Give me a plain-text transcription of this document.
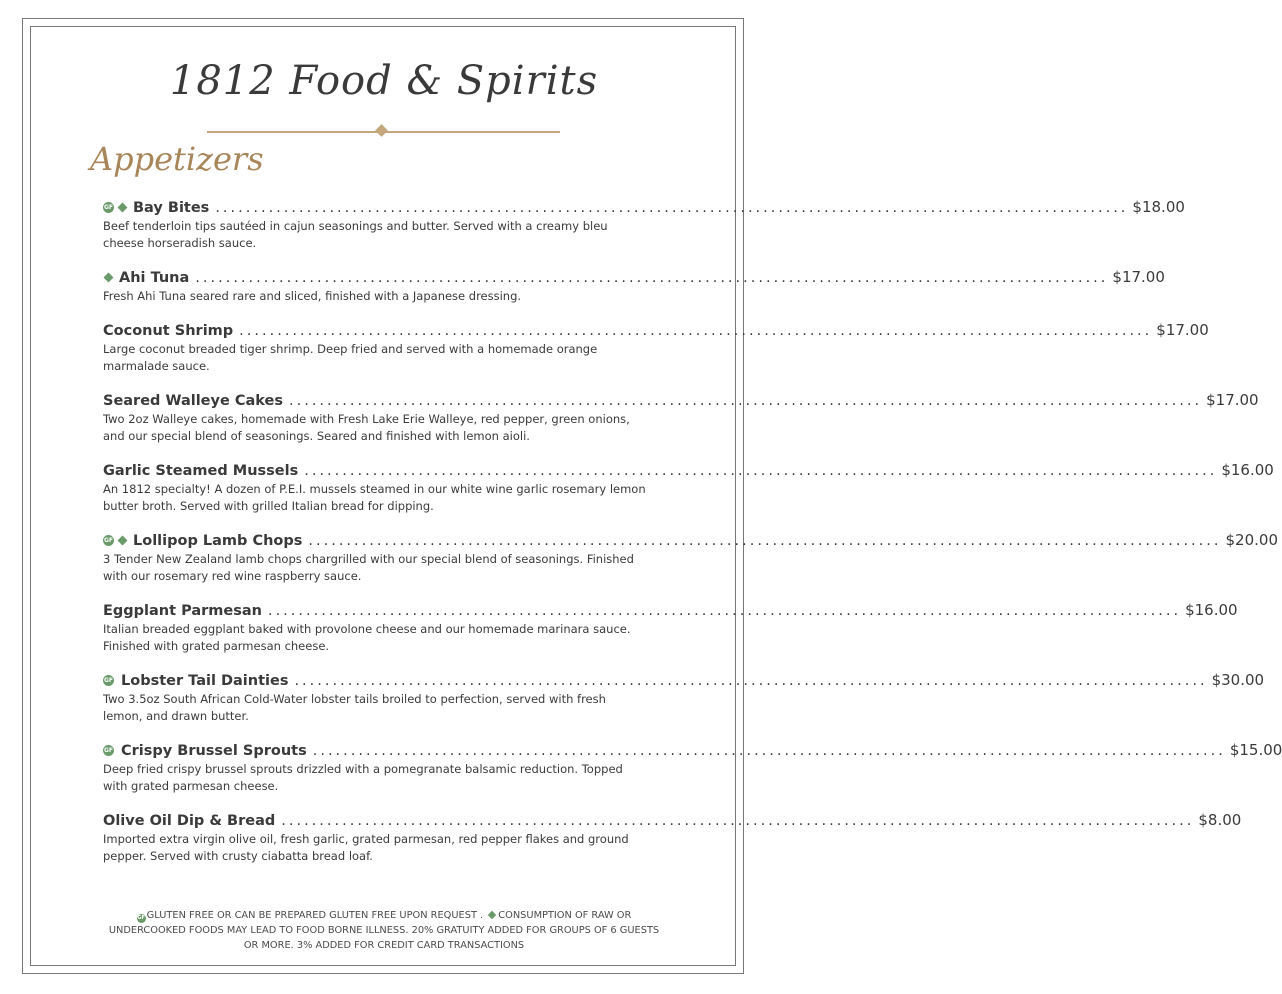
1812 Food & Spirits
Appetizers
GF Bay Bites ........................................................................................................................ $18.00
Beef tenderloin tips sautéed in cajun seasonings and butter. Served with a creamy bleu cheese horseradish sauce.
Ahi Tuna ........................................................................................................................ $17.00
Fresh Ahi Tuna seared rare and sliced, finished with a Japanese dressing.
Coconut Shrimp ........................................................................................................................ $17.00
Large coconut breaded tiger shrimp. Deep fried and served with a homemade orange marmalade sauce.
Seared Walleye Cakes ........................................................................................................................ $17.00
Two 2oz Walleye cakes, homemade with Fresh Lake Erie Walleye, red pepper, green onions, and our special blend of seasonings. Seared and finished with lemon aioli.
Garlic Steamed Mussels ........................................................................................................................ $16.00
An 1812 specialty! A dozen of P.E.I. mussels steamed in our white wine garlic rosemary lemon butter broth. Served with grilled Italian bread for dipping.
GF Lollipop Lamb Chops ........................................................................................................................ $20.00
3 Tender New Zealand lamb chops chargrilled with our special blend of seasonings. Finished with our rosemary red wine raspberry sauce.
Eggplant Parmesan ........................................................................................................................ $16.00
Italian breaded eggplant baked with provolone cheese and our homemade marinara sauce. Finished with grated parmesan cheese.
GF Lobster Tail Dainties ........................................................................................................................ $30.00
Two 3.5oz South African Cold-Water lobster tails broiled to perfection, served with fresh lemon, and drawn butter.
GF Crispy Brussel Sprouts ........................................................................................................................ $15.00
Deep fried crispy brussel sprouts drizzled with a pomegranate balsamic reduction. Topped with grated parmesan cheese.
Olive Oil Dip & Bread ........................................................................................................................ $8.00
Imported extra virgin olive oil, fresh garlic, grated parmesan, red pepper flakes and ground pepper. Served with crusty ciabatta bread loaf.
GF GLUTEN FREE OR CAN BE PREPARED GLUTEN FREE UPON REQUEST . CONSUMPTION OF RAW OR UNDERCOOKED FOODS MAY LEAD TO FOOD BORNE ILLNESS. 20% GRATUITY ADDED FOR GROUPS OF 6 GUESTS OR MORE. 3% ADDED FOR CREDIT CARD TRANSACTIONS
